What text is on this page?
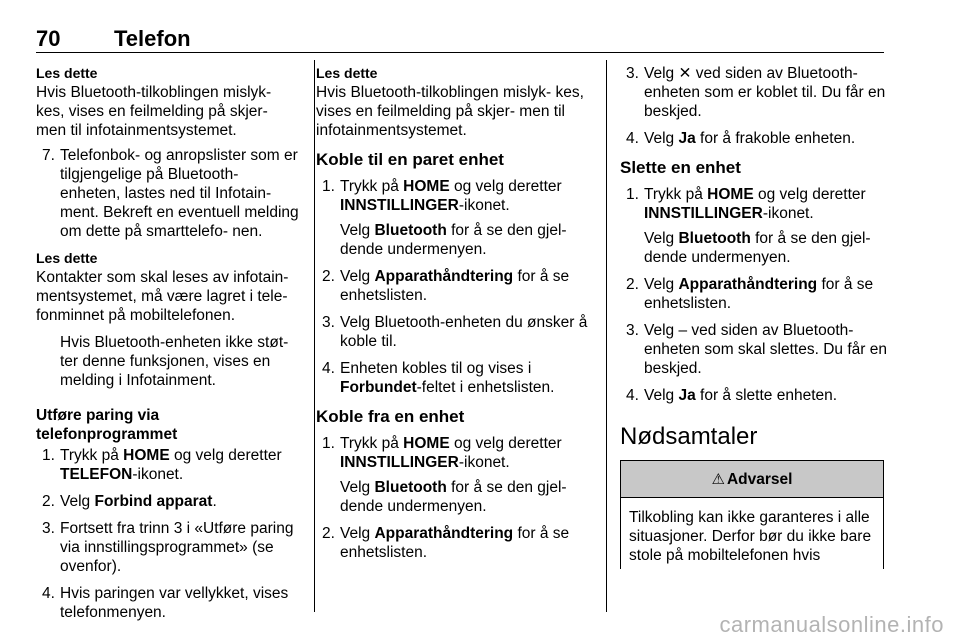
70 Telefon

Les dette

Hvis Bluetooth-tilkoblingen mislyk- kes, vises en feilmelding på skjer- men til infotainmentsystemet.

7. Telefonbok- og anropslister som er tilgjengelige på Bluetooth- enheten, lastes ned til Infotain- ment. Bekreft en eventuell melding om dette på smarttelefo- nen.

Les dette

Kontakter som skal leses av infotain- mentsystemet, må være lagret i tele- fonminnet på mobiltelefonen.

Hvis Bluetooth-enheten ikke støt- ter denne funksjonen, vises en melding i Infotainment.

Utføre paring via telefonprogrammet

1. Trykk på HOME og velg deretter TELEFON-ikonet.

2. Velg Forbind apparat.

3. Fortsett fra trinn 3 i «Utføre paring via innstillingsprogrammet» (se ovenfor).

4. Hvis paringen var vellykket, vises telefonmenyen.

Les dette

Hvis Bluetooth-tilkoblingen mislyk- kes, vises en feilmelding på skjer- men til infotainmentsystemet.

Koble til en paret enhet

1. Trykk på HOME og velg deretter INNSTILLINGER-ikonet.

Velg Bluetooth for å se den gjel- dende undermenyen.

2. Velg Apparathåndtering for å se enhetslisten.

3. Velg Bluetooth-enheten du ønsker å koble til.

4. Enheten kobles til og vises i Forbundet-feltet i enhetslisten.

Koble fra en enhet

1. Trykk på HOME og velg deretter INNSTILLINGER-ikonet.

Velg Bluetooth for å se den gjel- dende undermenyen.

2. Velg Apparathåndtering for å se enhetslisten.

3. Velg ✕ ved siden av Bluetooth- enheten som er koblet til. Du får en beskjed.

4. Velg Ja for å frakoble enheten.

Slette en enhet

1. Trykk på HOME og velg deretter INNSTILLINGER-ikonet.

Velg Bluetooth for å se den gjel- dende undermenyen.

2. Velg Apparathåndtering for å se enhetslisten.

3. Velg – ved siden av Bluetooth- enheten som skal slettes. Du får en beskjed.

4. Velg Ja for å slette enheten.

Nødsamtaler

⚠ Advarsel
Tilkobling kan ikke garanteres i alle situasjoner. Derfor bør du ikke bare stole på mobiltelefonen hvis
carmanualsonline.info
